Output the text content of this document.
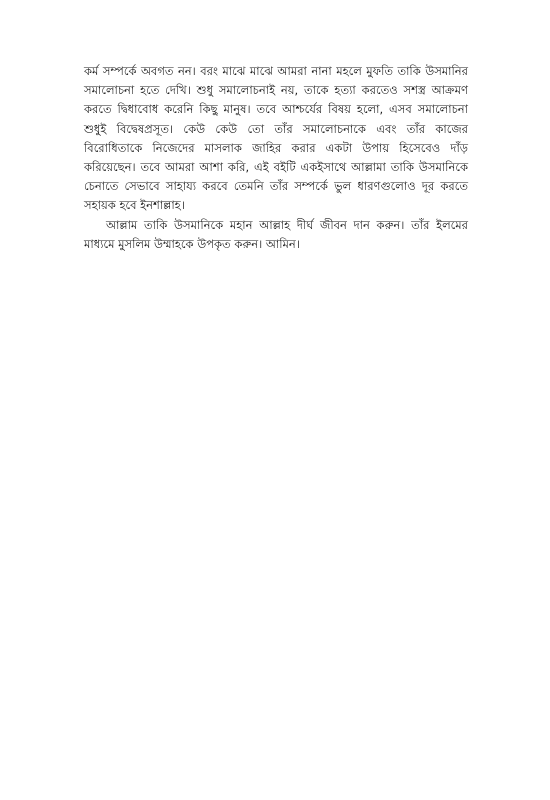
কর্ম সম্পর্কে অবগত নন। বরং মাঝে মাঝে আমরা নানা মহলে মুফতি তাকি উসমানির সমালোচনা হতে দেখি। শুধু সমালোচনাই নয়, তাকে হত্যা করতেও সশস্ত্র আক্রমণ করতে দ্বিধাবোধ করেনি কিছু মানুষ। তবে আশ্চর্যের বিষয় হলো, এসব সমালোচনা শুধুই বিদ্বেষপ্রসূত। কেউ কেউ তো তাঁর সমালোচনাকে এবং তাঁর কাজের বিরোধিতাকে নিজেদের মাসলাক জাহির করার একটা উপায় হিসেবেও দাঁড় করিয়েছেন। তবে আমরা আশা করি, এই বইটি একইসাথে আল্লামা তাকি উসমানিকে চেনাতে সেভাবে সাহায্য করবে তেমনি তাঁর সম্পর্কে ভুল ধারণগুলোও দূর করতে সহায়ক হবে ইনশাল্লাহ।

আল্লাম তাকি উসমানিকে মহান আল্লাহ দীর্ঘ জীবন দান করুন। তাঁর ইলমের মাধ্যমে মুসলিম উম্মাহকে উপকৃত করুন। আমিন।
